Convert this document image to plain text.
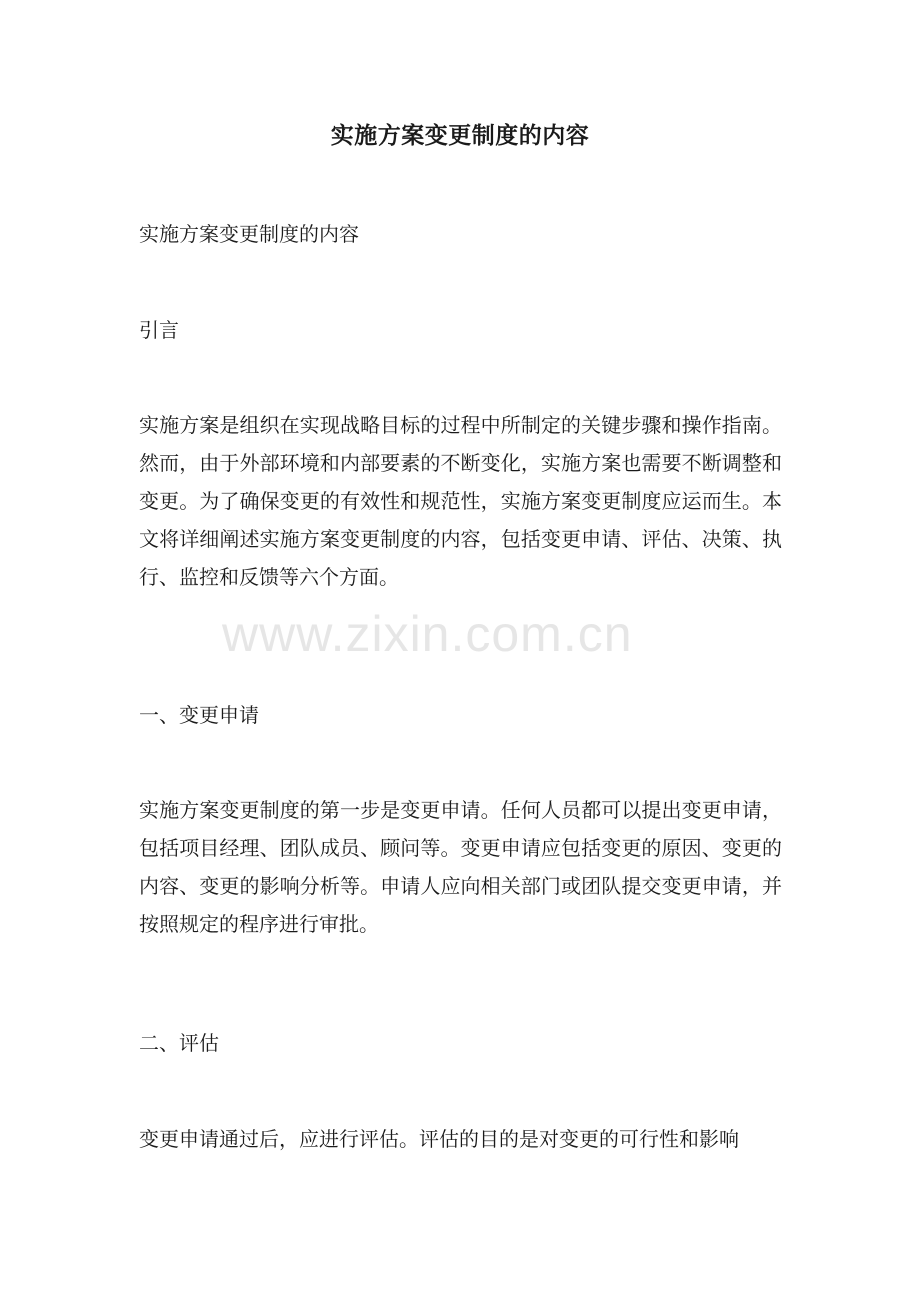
实施方案变更制度的内容

实施方案变更制度的内容

引言

实施方案是组织在实现战略目标的过程中所制定的关键步骤和操作指南。然而，由于外部环境和内部要素的不断变化，实施方案也需要不断调整和变更。为了确保变更的有效性和规范性，实施方案变更制度应运而生。本文将详细阐述实施方案变更制度的内容，包括变更申请、评估、决策、执行、监控和反馈等六个方面。

一、变更申请

实施方案变更制度的第一步是变更申请。任何人员都可以提出变更申请，包括项目经理、团队成员、顾问等。变更申请应包括变更的原因、变更的内容、变更的影响分析等。申请人应向相关部门或团队提交变更申请，并按照规定的程序进行审批。

二、评估

变更申请通过后，应进行评估。评估的目的是对变更的可行性和影响

www.zixin.com.cn
